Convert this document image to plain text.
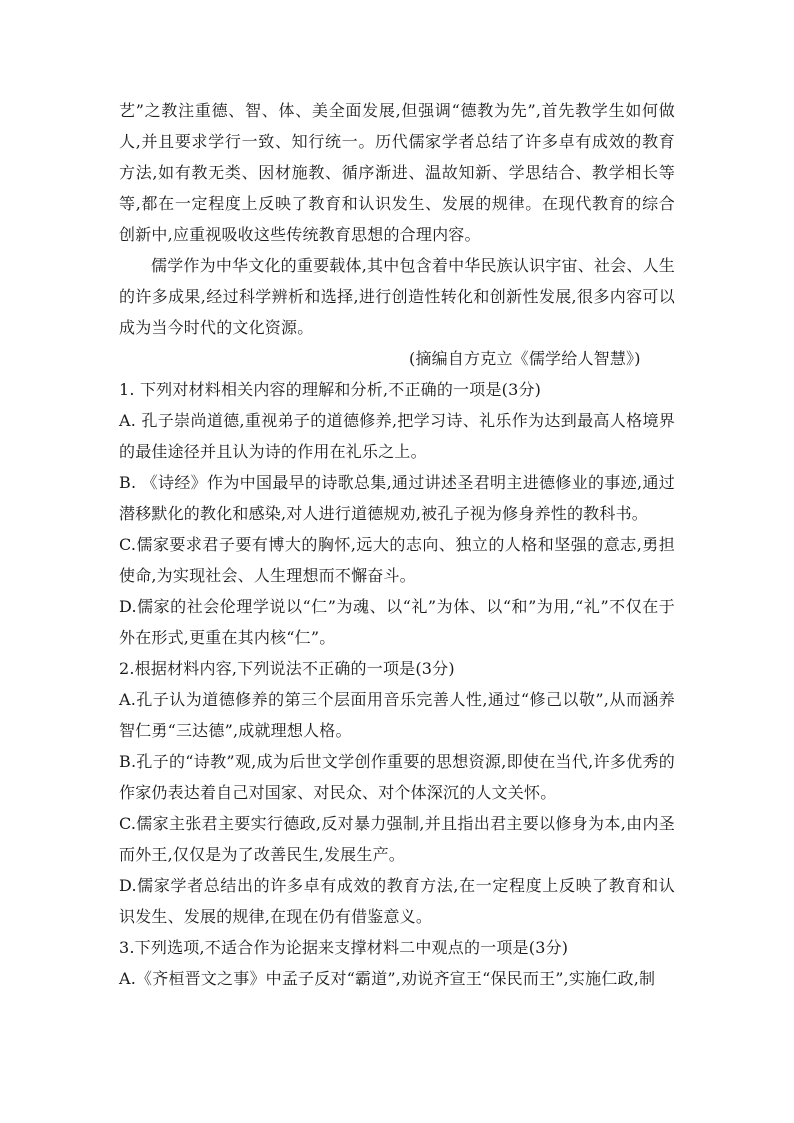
艺”之教注重德、智、体、美全面发展,但强调“德教为先”,首先教学生如何做人,并且要求学行一致、知行统一。历代儒家学者总结了许多卓有成效的教育方法,如有教无类、因材施教、循序渐进、温故知新、学思结合、教学相长等等,都在一定程度上反映了教育和认识发生、发展的规律。在现代教育的综合创新中,应重视吸收这些传统教育思想的合理内容。

儒学作为中华文化的重要载体,其中包含着中华民族认识宇宙、社会、人生的许多成果,经过科学辨析和选择,进行创造性转化和创新性发展,很多内容可以成为当今时代的文化资源。

(摘编自方克立《儒学给人智慧》)

1. 下列对材料相关内容的理解和分析,不正确的一项是(3分)

A. 孔子崇尚道德,重视弟子的道德修养,把学习诗、礼乐作为达到最高人格境界的最佳途径并且认为诗的作用在礼乐之上。

B. 《诗经》作为中国最早的诗歌总集,通过讲述圣君明主进德修业的事迹,通过潜移默化的教化和感染,对人进行道德规劝,被孔子视为修身养性的教科书。

C.儒家要求君子要有博大的胸怀,远大的志向、独立的人格和坚强的意志,勇担使命,为实现社会、人生理想而不懈奋斗。

D.儒家的社会伦理学说以“仁”为魂、以“礼”为体、以“和”为用,“礼”不仅在于外在形式,更重在其内核“仁”。

2.根据材料内容,下列说法不正确的一项是(3分)

A.孔子认为道德修养的第三个层面用音乐完善人性,通过“修己以敬”,从而涵养智仁勇“三达德”,成就理想人格。

B.孔子的“诗教”观,成为后世文学创作重要的思想资源,即使在当代,许多优秀的作家仍表达着自己对国家、对民众、对个体深沉的人文关怀。

C.儒家主张君主要实行德政,反对暴力强制,并且指出君主要以修身为本,由内圣而外王,仅仅是为了改善民生,发展生产。

D.儒家学者总结出的许多卓有成效的教育方法,在一定程度上反映了教育和认识发生、发展的规律,在现在仍有借鉴意义。

3.下列选项,不适合作为论据来支撑材料二中观点的一项是(3分)

A.《齐桓晋文之事》中孟子反对“霸道”,劝说齐宣王“保民而王”,实施仁政,制
